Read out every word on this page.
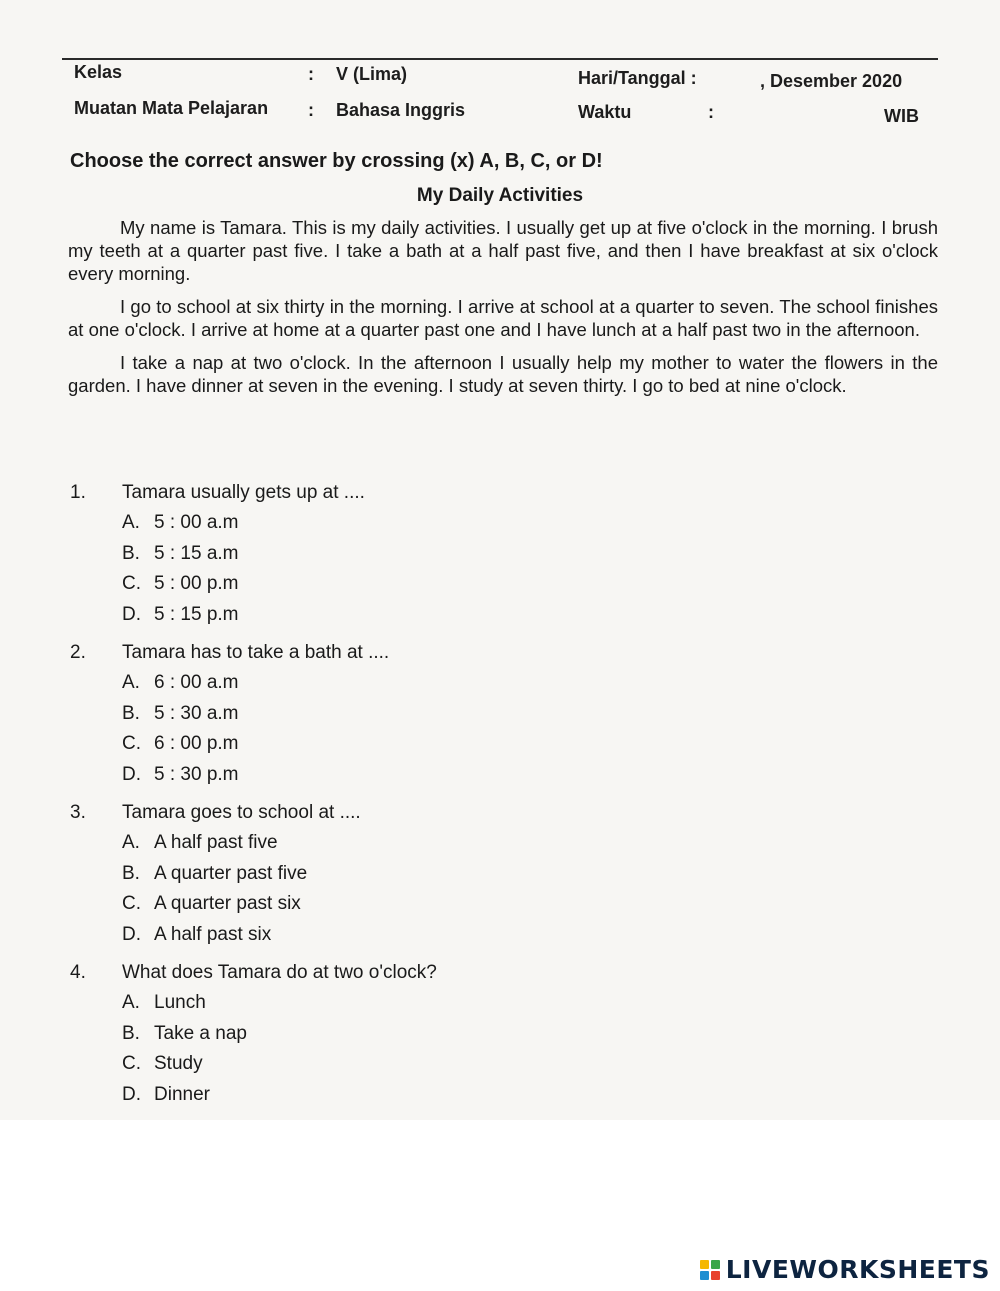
Kelas	: V (Lima)
Muatan Mata Pelajaran : Bahasa Inggris
Hari/Tanggal :	, Desember 2020
Waktu	:	WIB
Choose the correct answer by crossing (x) A, B, C, or D!
My Daily Activities

My name is Tamara. This is my daily activities. I usually get up at five o'clock in the morning. I brush my teeth at a quarter past five. I take a bath at a half past five, and then I have breakfast at six o'clock every morning.

I go to school at six thirty in the morning. I arrive at school at a quarter to seven. The school finishes at one o'clock. I arrive at home at a quarter past one and I have lunch at a half past two in the afternoon.

I take a nap at two o'clock. In the afternoon I usually help my mother to water the flowers in the garden. I have dinner at seven in the evening. I study at seven thirty. I go to bed at nine o'clock.

1. Tamara usually gets up at ....
A. 5 : 00 a.m
B. 5 : 15 a.m
C. 5 : 00 p.m
D. 5 : 15 p.m
2. Tamara has to take a bath at ....
A. 6 : 00 a.m
B. 5 : 30 a.m
C. 6 : 00 p.m
D. 5 : 30 p.m
3. Tamara goes to school at ....
A. A half past five
B. A quarter past five
C. A quarter past six
D. A half past six
4. What does Tamara do at two o'clock?
A. Lunch
B. Take a nap
C. Study
D. Dinner
LIVEWORKSHEETS
